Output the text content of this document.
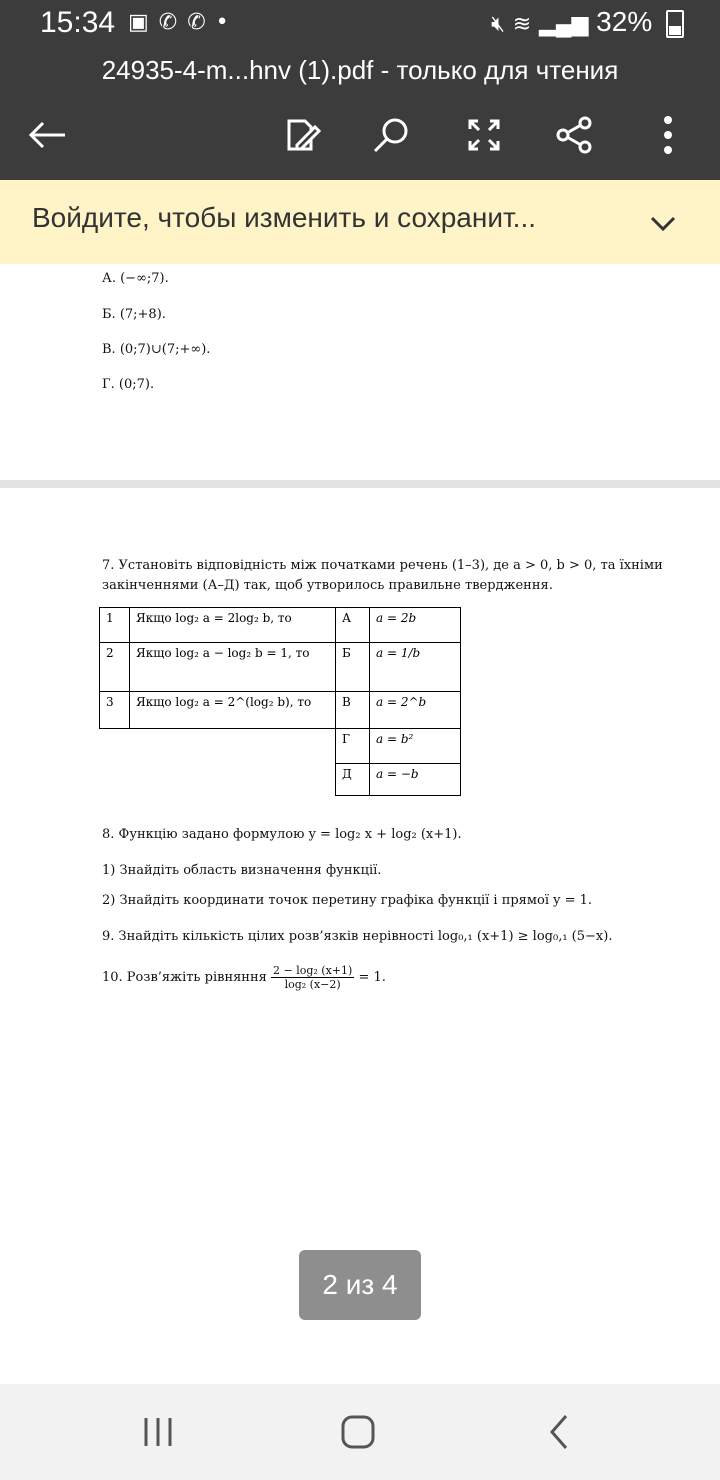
15:34 ▣✆✆•	🔇︎ ≋ ▂▄▆ 32%
24935-4-m...hnv (1).pdf - только для чтения
Войдите, чтобы изменить и сохранит...
А. (−∞;7).
Б. (7;+8).
В. (0;7)∪(7;+∞).
Г. (0;7).
7. Установіть відповідність між початками речень (1–3), де a > 0, b > 0, та їхніми
закінченнями (А–Д) так, щоб утворилось правильне твердження.
1	Якщо log₂ a = 2log₂ b, то	А	a = 2b
2	Якщо log₂ a − log₂ b = 1, то	Б	a = 1/b
3	Якщо log₂ a = 2^(log₂ b), то	В	a = 2^b
		Г	a = b²
		Д	a = −b
8. Функцію задано формулою y = log₂ x + log₂ (x+1).
1) Знайдіть область визначення функції.
2) Знайдіть координати точок перетину графіка функції і прямої y = 1.
9. Знайдіть кількість цілих розв’язків нерівності log₀,₁ (x+1) ≥ log₀,₁ (5−x).
10. Розв’яжіть рівняння $\frac{\text{2 − log₂ (x+1)}}{\text{log₂ (x−2)}} = 1$.
2 из 4
